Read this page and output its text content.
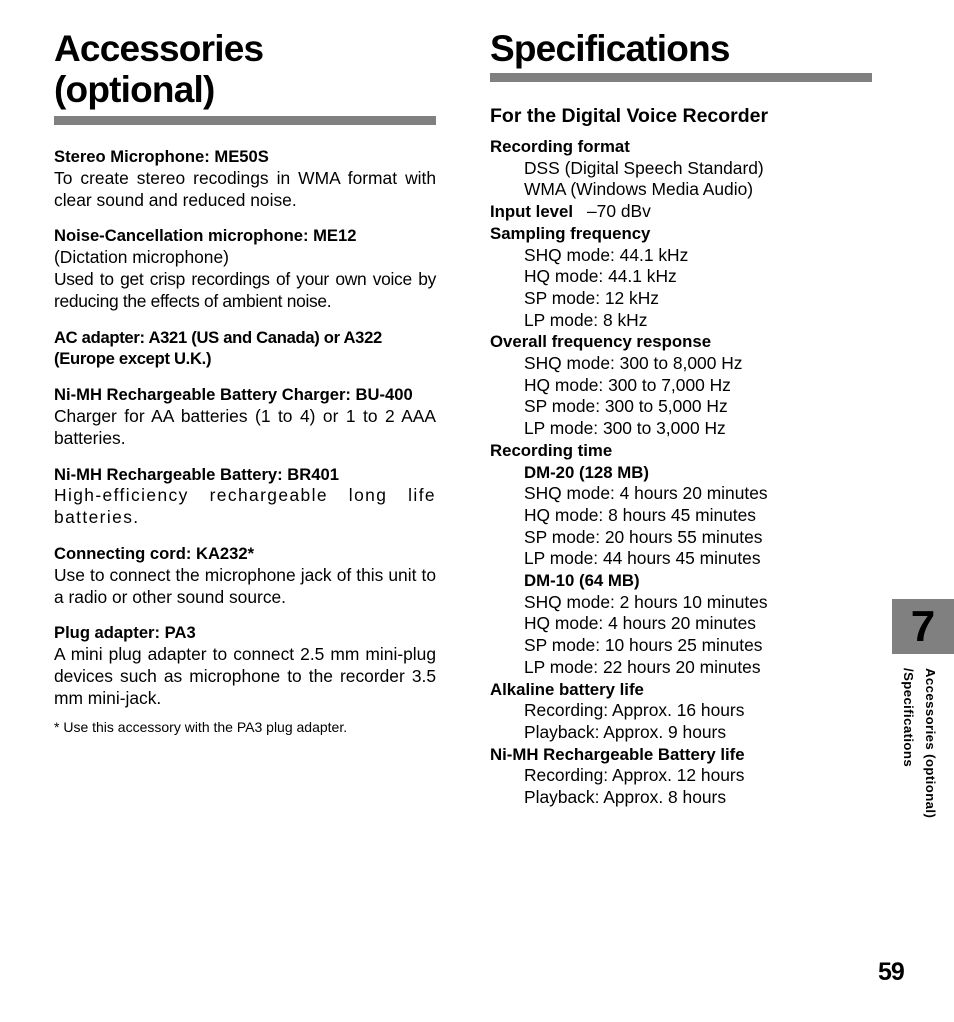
Accessories
(optional)
Stereo Microphone: ME50S
To create stereo recodings in WMA format with clear sound and reduced noise.
Noise-Cancellation microphone: ME12
(Dictation microphone)
Used to get crisp recordings of your own voice by reducing the effects of ambient noise.
AC adapter: A321 (US and Canada) or A322 (Europe except U.K.)
Ni-MH Rechargeable Battery Charger: BU-400
Charger for AA batteries (1 to 4) or 1 to 2 AAA batteries.
Ni-MH Rechargeable Battery: BR401
High-efficiency rechargeable long life batteries.
Connecting cord: KA232*
Use to connect the microphone jack of this unit to a radio or other sound source.
Plug adapter: PA3
A mini plug adapter to connect 2.5 mm mini-plug devices such as microphone to the recorder 3.5 mm mini-jack.
* Use this accessory with the PA3 plug adapter.
Specifications
For the Digital Voice Recorder
Recording format
DSS (Digital Speech Standard)
WMA (Windows Media Audio)
Input level –70 dBv
Sampling frequency
SHQ mode: 44.1 kHz
HQ mode: 44.1 kHz
SP mode: 12 kHz
LP mode: 8 kHz
Overall frequency response
SHQ mode: 300 to 8,000 Hz
HQ mode: 300 to 7,000 Hz
SP mode: 300 to 5,000 Hz
LP mode: 300 to 3,000 Hz
Recording time
DM-20 (128 MB)
SHQ mode: 4 hours 20 minutes
HQ mode: 8 hours 45 minutes
SP mode: 20 hours 55 minutes
LP mode: 44 hours 45 minutes
DM-10 (64 MB)
SHQ mode: 2 hours 10 minutes
HQ mode: 4 hours 20 minutes
SP mode: 10 hours 25 minutes
LP mode: 22 hours 20 minutes
Alkaline battery life
Recording: Approx. 16 hours
Playback: Approx. 9 hours
Ni-MH Rechargeable Battery life
Recording: Approx. 12 hours
Playback: Approx. 8 hours
7
Accessories (optional)
/Specifications
59
